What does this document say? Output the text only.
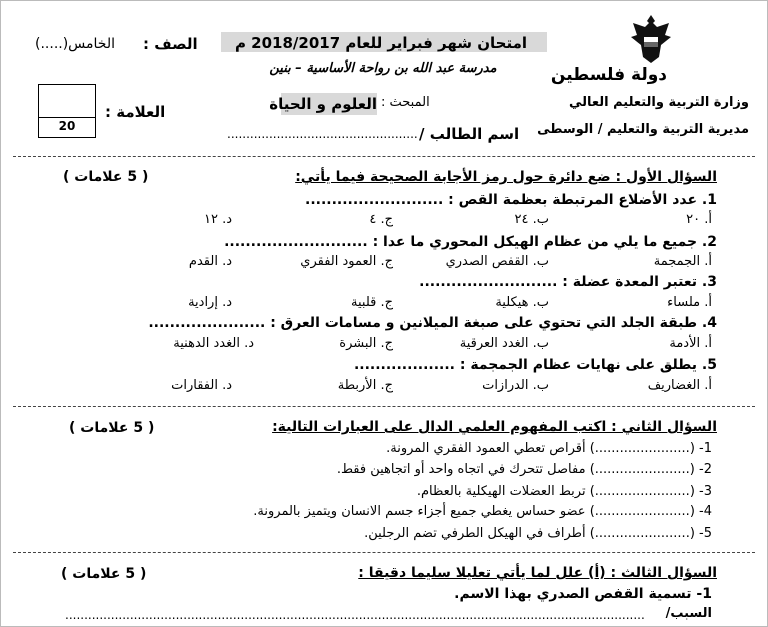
دولة فلسطين
وزارة التربية والتعليم العالي
مديرية التربية والتعليم / الوسطى
امتحان شهر فبراير للعام 2018/2017 م
مدرسة عبد الله بن رواحة الأساسية – بنين
المبحث :
العلوم و الحياة
اسم الطالب /
..................................................
الصف :
الخامس(.....)
العلامة :
20
السؤال الأول : ضع دائرة حول رمز الأجابة الصحيحة فيما يأتي:
( 5 علامات )
1. عدد الأضلاع المرتبطة بعظمة القص : ..........................
أ. ٢٠
ب. ٢٤
ج. ٤
د. ١٢
2. جميع ما يلي من عظام الهيكل المحوري ما عدا : ...........................
أ. الجمجمة
ب. القفص الصدري
ج. العمود الفقري
د. القدم
3. تعتبر المعدة عضلة : ..........................
أ. ملساء
ب. هيكلية
ج. قلبية
د. إرادية
4. طبقة الجلد التي تحتوي على صبغة الميلانين و مسامات العرق : ......................
أ. الأدمة
ب. الغدد العرقية
ج. البشرة
د. الغدد الدهنية
5. يطلق على نهايات عظام الجمجمة : ...................
أ. الغضاريف
ب. الدرازات
ج. الأربطة
د. الفقارات
السؤال الثاني : اكتب المفهوم العلمي الدال على العبارات التالية:
( 5 علامات )
1- (.......................) أقراص تعطي العمود الفقري المرونة.
2- (.......................) مفاصل تتحرك في اتجاه واحد أو اتجاهين فقط.
3- (.......................) تربط العضلات الهيكلية بالعظام.
4- (.......................) عضو حساس يغطي جميع أجزاء جسم الانسان ويتميز بالمرونة.
5- (.......................) أطراف في الهيكل الطرفي تضم الرجلين.
السؤال الثالث : (أ) علل لما يأتي تعليلا سليما دقيقا :
( 5 علامات )
1- تسمية القفص الصدري بهذا الاسم.
السبب/
........................................................................................................................................................
